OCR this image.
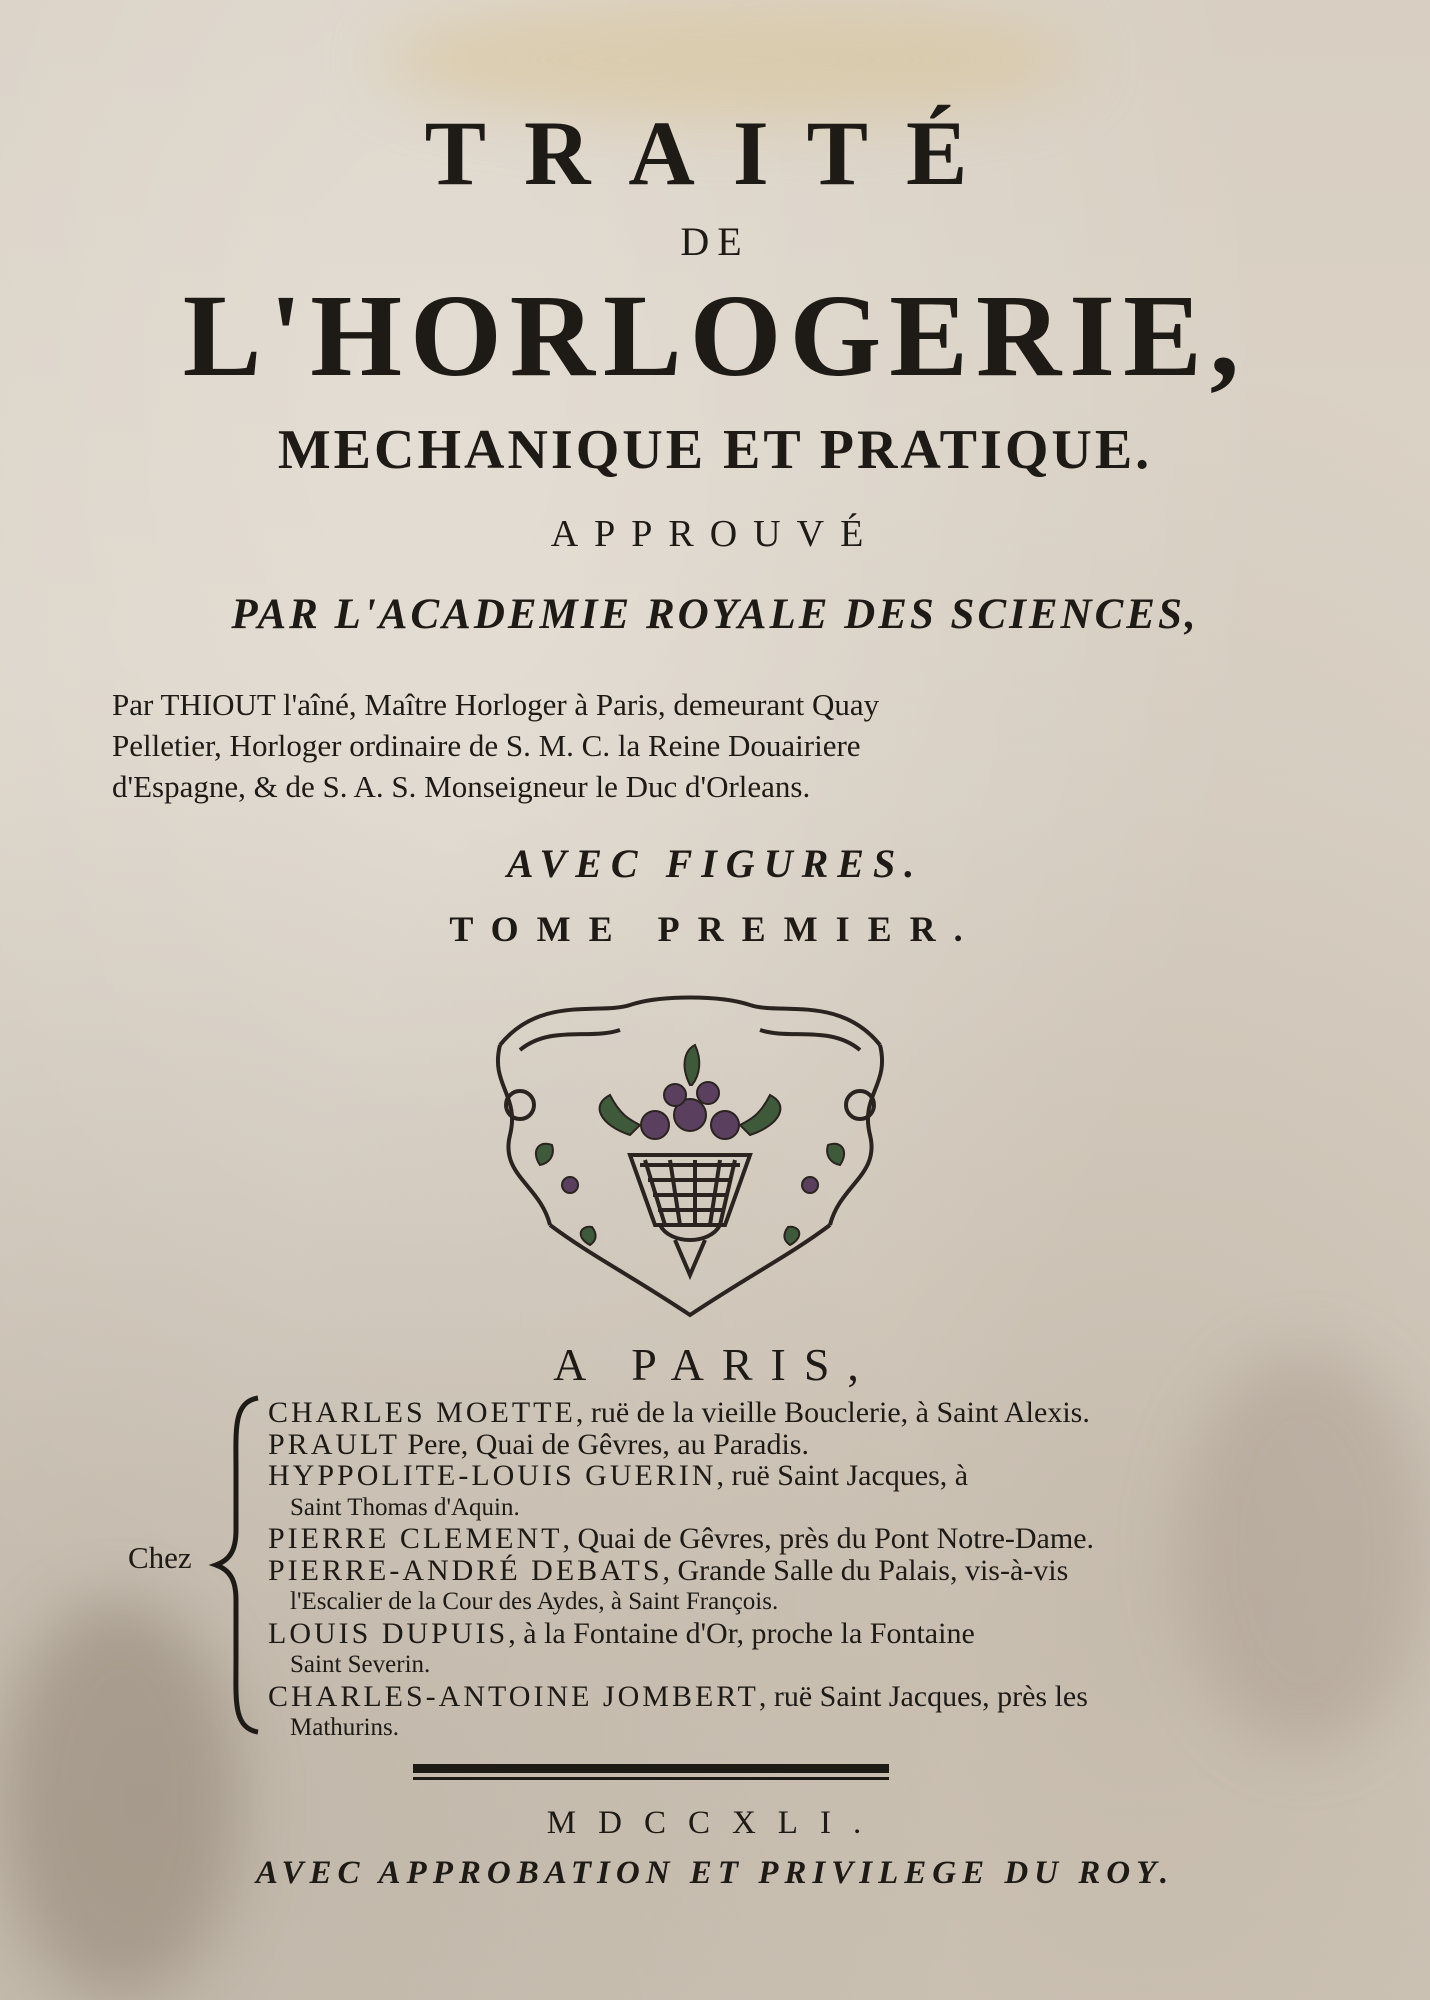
TRAITÉ
DE
L'HORLOGERIE,
MECHANIQUE ET PRATIQUE.
APPROUVÉ
PAR L'ACADEMIE ROYALE DES SCIENCES,
Par THIOUT l'aîné, Maître Horloger à Paris, demeurant Quay
Pelletier, Horloger ordinaire de S. M. C. la Reine Douairiere
d'Espagne, & de S. A. S. Monseigneur le Duc d'Orleans.
AVEC FIGURES.
TOME PREMIER.
A PARIS,
Chez
CHARLES MOETTE, ruë de la vieille Bouclerie, à Saint Alexis.
PRAULT Pere, Quai de Gêvres, au Paradis.
HYPPOLITE-LOUIS GUERIN, ruë Saint Jacques, à
Saint Thomas d'Aquin.
PIERRE CLEMENT, Quai de Gêvres, près du Pont Notre-Dame.
PIERRE-ANDRÉ DEBATS, Grande Salle du Palais, vis-à-vis
l'Escalier de la Cour des Aydes, à Saint François.
LOUIS DUPUIS, à la Fontaine d'Or, proche la Fontaine
Saint Severin.
CHARLES-ANTOINE JOMBERT, ruë Saint Jacques, près les
Mathurins.
MDCCXLI.
AVEC APPROBATION ET PRIVILEGE DU ROY.
